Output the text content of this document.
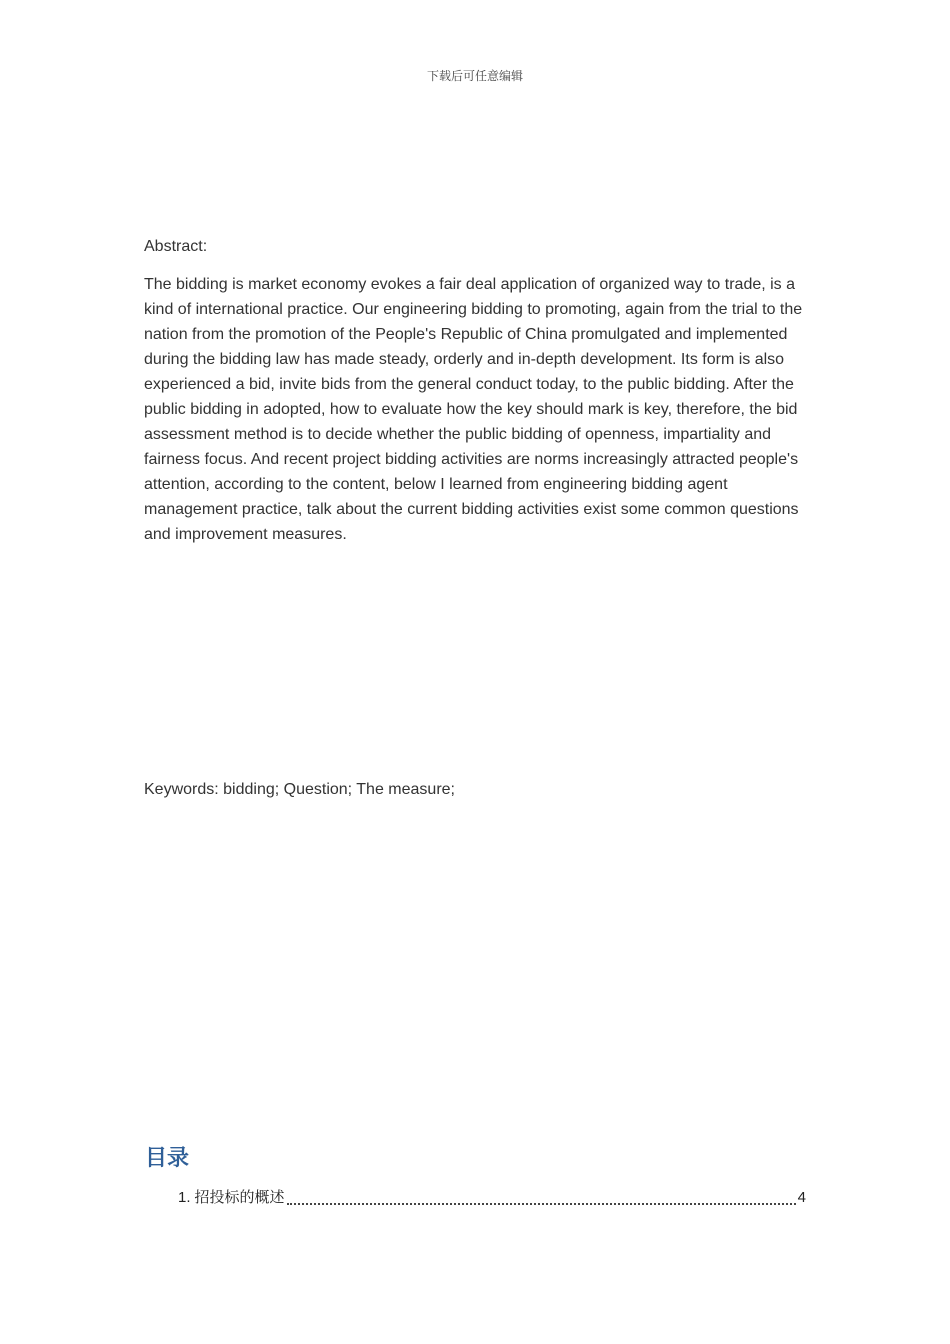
下载后可任意编辑
Abstract:
The bidding is market economy evokes a fair deal application of organized way to trade, is a kind of international practice. Our engineering bidding to promoting, again from the trial to the nation from the promotion of the People's Republic of China promulgated and implemented during the bidding law has made steady, orderly and in-depth development. Its form is also experienced a bid, invite bids from the general conduct today, to the public bidding. After the public bidding in adopted, how to evaluate how the key should mark is key, therefore, the bid assessment method is to decide whether the public bidding of openness, impartiality and fairness focus. And recent project bidding activities are norms increasingly attracted people's attention, according to the content, below I learned from engineering bidding agent management practice, talk about the current bidding activities exist some common questions and improvement measures.
Keywords: bidding; Question; The measure;
目录
1. 招投标的概述	4
